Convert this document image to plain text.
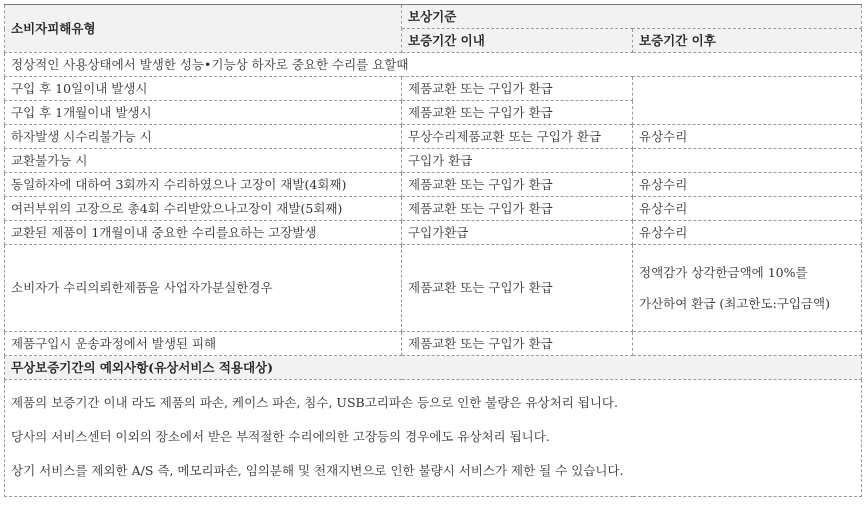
소비자피해유형	보상기준	
	보증기간 이내	보증기간 이후
정상적인 사용상태에서 발생한 성능•기능상 하자로 중요한 수리를 요할때		
구입 후 10일이내 발생시	제품교환 또는 구입가 환급	
구입 후 1개월이내 발생시	제품교환 또는 구입가 환급	
하자발생 시수리불가능 시	무상수리제품교환 또는 구입가 환급	유상수리
교환불가능 시	구입가 환급	
동일하자에 대하여 3회까지 수리하였으나 고장이 재발(4회째)	제품교환 또는 구입가 환급	유상수리
여러부위의 고장으로 총4회 수리받았으나고장이 재발(5회째)	제품교환 또는 구입가 환급	유상수리
교환된 제품이 1개월이내 중요한 수리를요하는 고장발생	구입가환급	유상수리
소비자가 수리의뢰한제품을 사업자가분실한경우	제품교환 또는 구입가 환급	정액감가 상각한금액에 10%를
가산하여 환급 (최고한도:구입금액)

제품구입시 운송과정에서 발생된 피해	제품교환 또는 구입가 환급	
무상보증기간의 예외사항(유상서비스 적용대상)		

제품의 보증기간 이내 라도 제품의 파손, 케이스 파손, 침수, USB고리파손 등으로 인한 불량은 유상처리 됩니다.

당사의 서비스센터 이외의 장소에서 받은 부적절한 수리에의한 고장등의 경우에도 유상처리 됩니다.

상기 서비스를 제외한 A/S 즉, 메모리파손, 임의분해 및 천재지변으로 인한 불량시 서비스가 제한 될 수 있습니다.		
